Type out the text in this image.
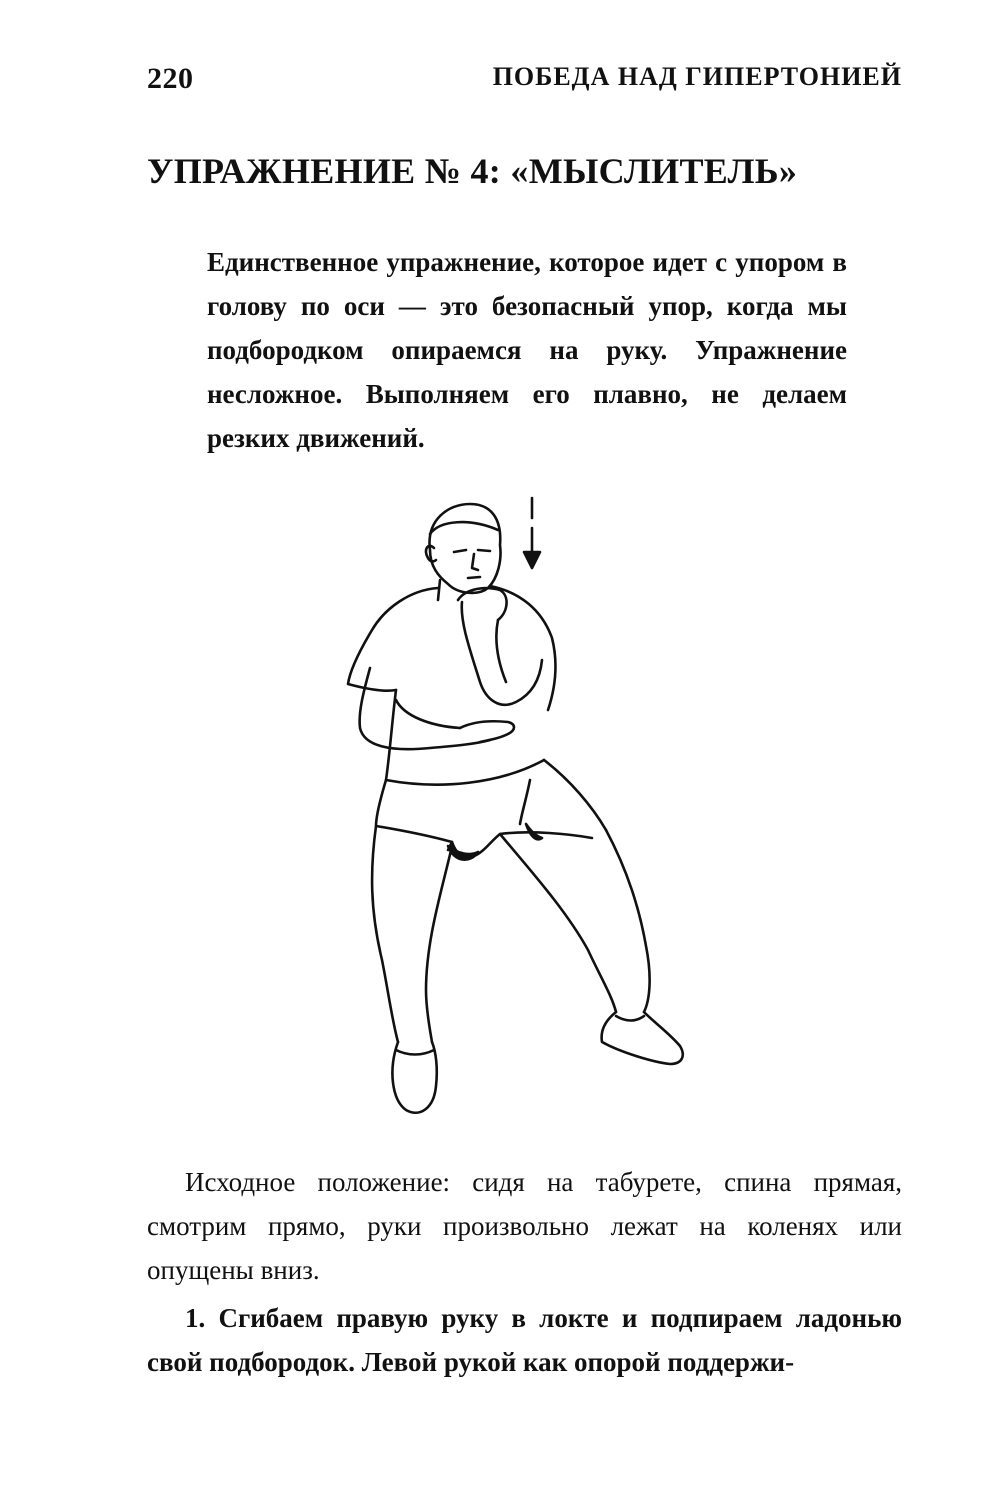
220	ПОБЕДА НАД ГИПЕРТОНИЕЙ
УПРАЖНЕНИЕ № 4: «МЫСЛИТЕЛЬ»

Единственное упражнение, которое идет с упором в голову по оси — это безопасный упор, когда мы подбородком опираемся на руку. Упражнение несложное. Выполняем его плавно, не делаем резких движений.

Исходное положение: сидя на табурете, спина прямая, смотрим прямо, руки произвольно лежат на коленях или опущены вниз.

1. Сгибаем правую руку в локте и подпираем ладонью свой подбородок. Левой рукой как опорой поддержи-
